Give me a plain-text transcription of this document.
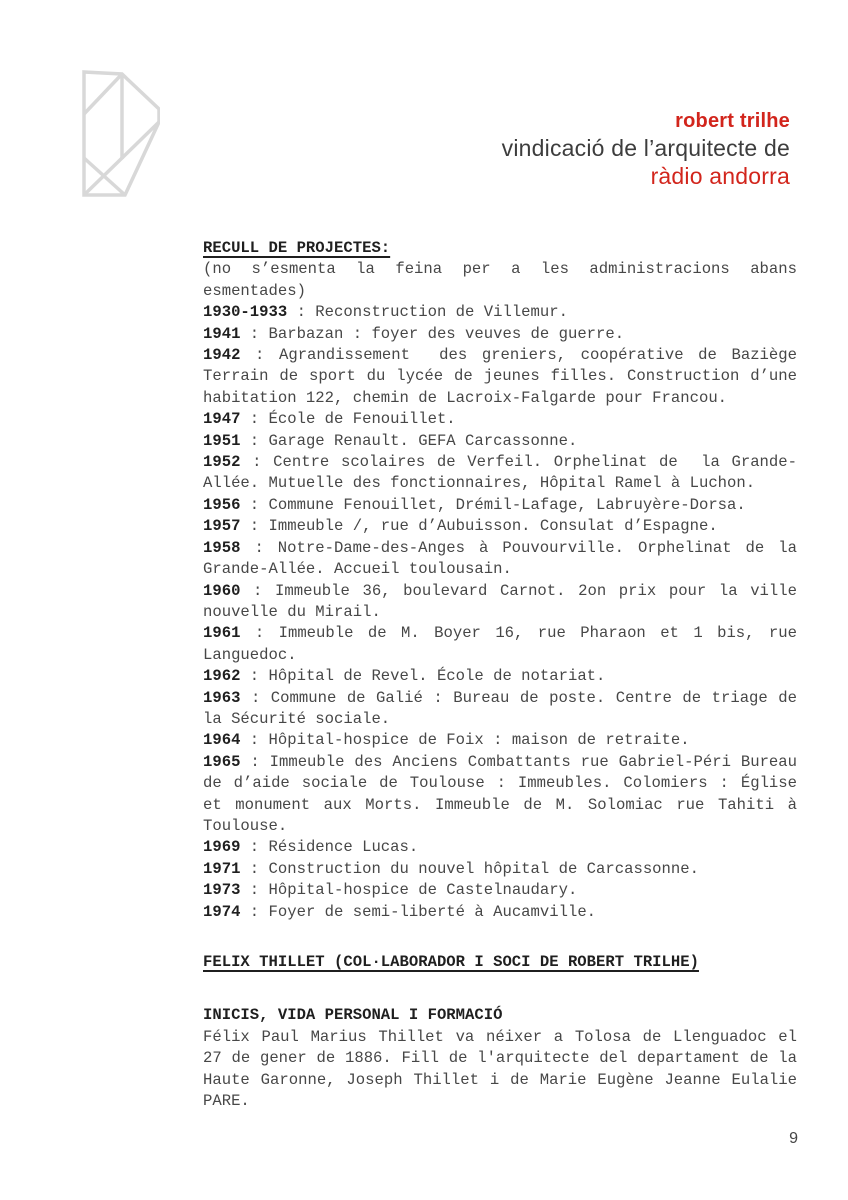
robert trilhe
vindicació de l’arquitecte de
ràdio andorra
RECULL DE PROJECTES:
(no s’esmenta la feina per a les administracions abans
esmentades)
1930-1933 : Reconstruction de Villemur.
1941 : Barbazan : foyer des veuves de guerre.
1942 : Agrandissement  des greniers, coopérative de Baziège
Terrain de sport du lycée de jeunes filles. Construction d’une
habitation 122, chemin de Lacroix-Falgarde pour Francou.
1947 : École de Fenouillet.
1951 : Garage Renault. GEFA Carcassonne.
1952 : Centre scolaires de Verfeil. Orphelinat de  la Grande-
Allée. Mutuelle des fonctionnaires, Hôpital Ramel à Luchon.
1956 : Commune Fenouillet, Drémil-Lafage, Labruyère-Dorsa.
1957 : Immeuble /, rue d’Aubuisson. Consulat d’Espagne.
1958 : Notre-Dame-des-Anges à Pouvourville. Orphelinat de la
Grande-Allée. Accueil toulousain.
1960 : Immeuble 36, boulevard Carnot. 2on prix pour la ville
nouvelle du Mirail.
1961 : Immeuble de M. Boyer 16, rue Pharaon et 1 bis, rue
Languedoc.
1962 : Hôpital de Revel. École de notariat.
1963 : Commune de Galié : Bureau de poste. Centre de triage de
la Sécurité sociale.
1964 : Hôpital-hospice de Foix : maison de retraite.
1965 : Immeuble des Anciens Combattants rue Gabriel-Péri Bureau
de d’aide sociale de Toulouse : Immeubles. Colomiers : Église
et monument aux Morts. Immeuble de M. Solomiac rue Tahiti à
Toulouse.
1969 : Résidence Lucas.
1971 : Construction du nouvel hôpital de Carcassonne.
1973 : Hôpital-hospice de Castelnaudary.
1974 : Foyer de semi-liberté à Aucamville.
FELIX THILLET (COL·LABORADOR I SOCI DE ROBERT TRILHE)
INICIS, VIDA PERSONAL I FORMACIÓ
Félix Paul Marius Thillet va néixer a Tolosa de Llenguadoc el
27 de gener de 1886. Fill de l'arquitecte del departament de la
Haute Garonne, Joseph Thillet i de Marie Eugène Jeanne Eulalie
PARE.
9
